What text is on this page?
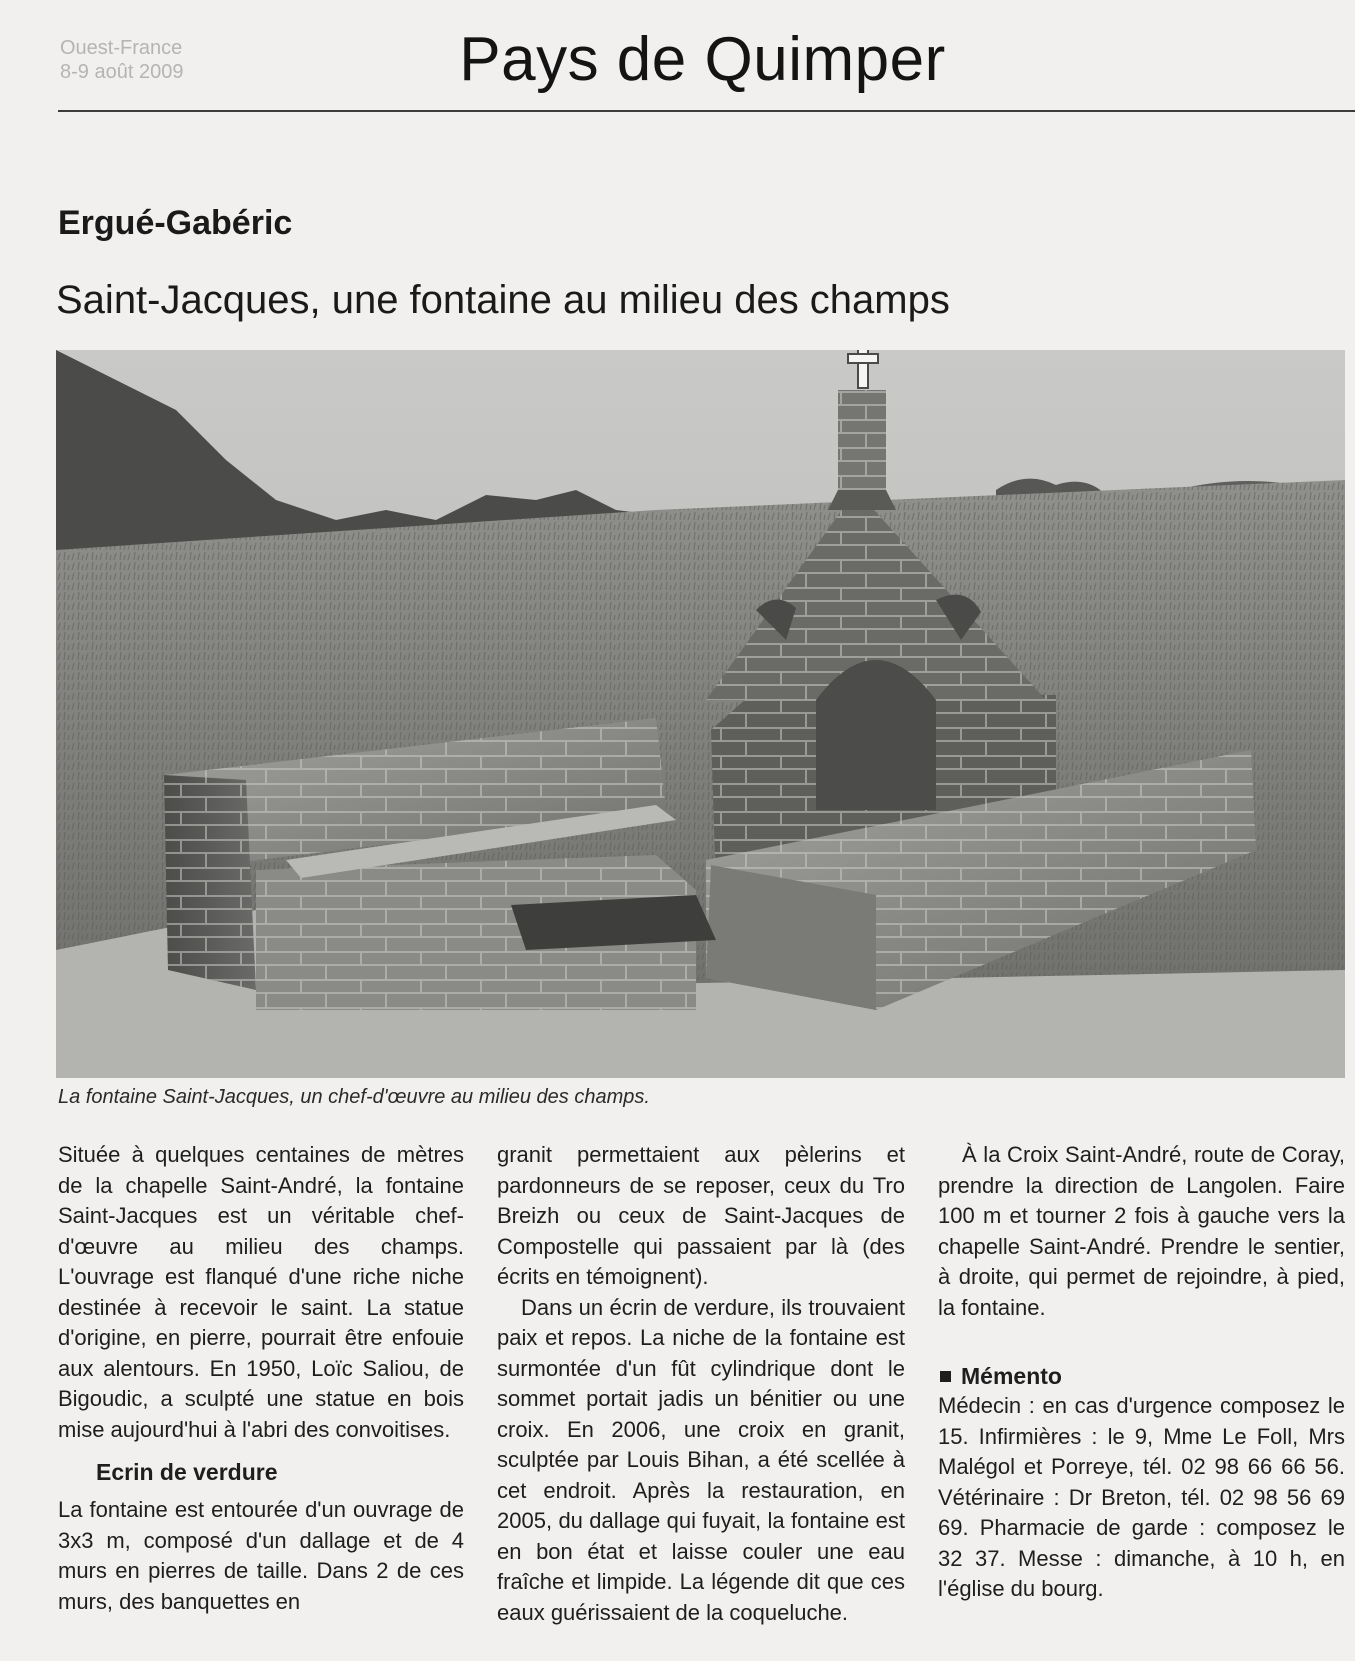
Ouest-France
8-9 août 2009	Pays de Quimper
Ergué-Gabéric
Saint-Jacques, une fontaine au milieu des champs
La fontaine Saint-Jacques, un chef-d'œuvre au milieu des champs.

Située à quelques centaines de mètres de la chapelle Saint-André, la fontaine Saint-Jacques est un véritable chef-d'œuvre au milieu des champs. L'ouvrage est flanqué d'une riche niche destinée à recevoir le saint. La statue d'origine, en pierre, pourrait être enfouie aux alentours. En 1950, Loïc Saliou, de Bigoudic, a sculpté une statue en bois mise aujourd'hui à l'abri des convoitises.

Ecrin de verdure

La fontaine est entourée d'un ouvrage de 3x3 m, composé d'un dallage et de 4 murs en pierres de taille. Dans 2 de ces murs, des banquettes en

granit permettaient aux pèlerins et pardonneurs de se reposer, ceux du Tro Breizh ou ceux de Saint-Jacques de Compostelle qui passaient par là (des écrits en témoignent).

Dans un écrin de verdure, ils trouvaient paix et repos. La niche de la fontaine est surmontée d'un fût cylindrique dont le sommet portait jadis un bénitier ou une croix. En 2006, une croix en granit, sculptée par Louis Bihan, a été scellée à cet endroit. Après la restauration, en 2005, du dallage qui fuyait, la fontaine est en bon état et laisse couler une eau fraîche et limpide. La légende dit que ces eaux guérissaient de la coqueluche.

À la Croix Saint-André, route de Coray, prendre la direction de Langolen. Faire 100 m et tourner 2 fois à gauche vers la chapelle Saint-André. Prendre le sentier, à droite, qui permet de rejoindre, à pied, la fontaine.

Mémento

Médecin : en cas d'urgence composez le 15. Infirmières : le 9, Mme Le Foll, Mrs Malégol et Porreye, tél. 02 98 66 66 56. Vétérinaire : Dr Breton, tél. 02 98 56 69 69. Pharmacie de garde : composez le 32 37. Messe : dimanche, à 10 h, en l'église du bourg.
